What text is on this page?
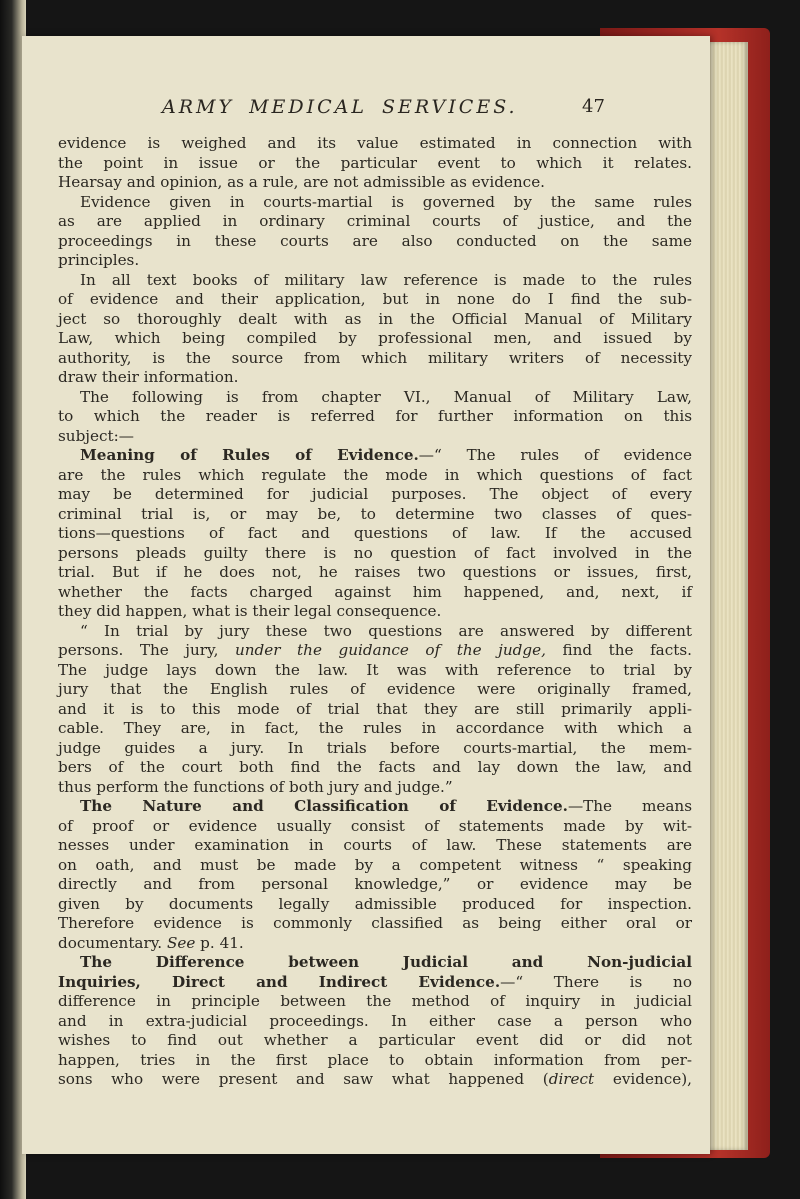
ARMY MEDICAL SERVICES.	47
evidence is weighed and its value estimated in connection with
the point in issue or the particular event to which it relates.
Hearsay and opinion, as a rule, are not admissible as evidence.
Evidence given in courts-martial is governed by the same rules
as are applied in ordinary criminal courts of justice, and the
proceedings in these courts are also conducted on the same
principles.
In all text books of military law reference is made to the rules
of evidence and their application, but in none do I find the sub-
ject so thoroughly dealt with as in the Official Manual of Military
Law, which being compiled by professional men, and issued by
authority, is the source from which military writers of necessity
draw their information.
The following is from chapter VI., Manual of Military Law,
to which the reader is referred for further information on this
subject:—
Meaning of Rules of Evidence.—“ The rules of evidence
are the rules which regulate the mode in which questions of fact
may be determined for judicial purposes. The object of every
criminal trial is, or may be, to determine two classes of ques-
tions—questions of fact and questions of law. If the accused
persons pleads guilty there is no question of fact involved in the
trial. But if he does not, he raises two questions or issues, first,
whether the facts charged against him happened, and, next, if
they did happen, what is their legal consequence.
“ In trial by jury these two questions are answered by different
persons. The jury, under the guidance of the judge, find the facts.
The judge lays down the law. It was with reference to trial by
jury that the English rules of evidence were originally framed,
and it is to this mode of trial that they are still primarily appli-
cable. They are, in fact, the rules in accordance with which a
judge guides a jury. In trials before courts-martial, the mem-
bers of the court both find the facts and lay down the law, and
thus perform the functions of both jury and judge.”
The Nature and Classification of Evidence.—The means
of proof or evidence usually consist of statements made by wit-
nesses under examination in courts of law. These statements are
on oath, and must be made by a competent witness “ speaking
directly and from personal knowledge,” or evidence may be
given by documents legally admissible produced for inspection.
Therefore evidence is commonly classified as being either oral or
documentary. See p. 41.
The Difference between Judicial and Non-judicial
Inquiries, Direct and Indirect Evidence.—“ There is no
difference in principle between the method of inquiry in judicial
and in extra-judicial proceedings. In either case a person who
wishes to find out whether a particular event did or did not
happen, tries in the first place to obtain information from per-
sons who were present and saw what happened (direct evidence),
